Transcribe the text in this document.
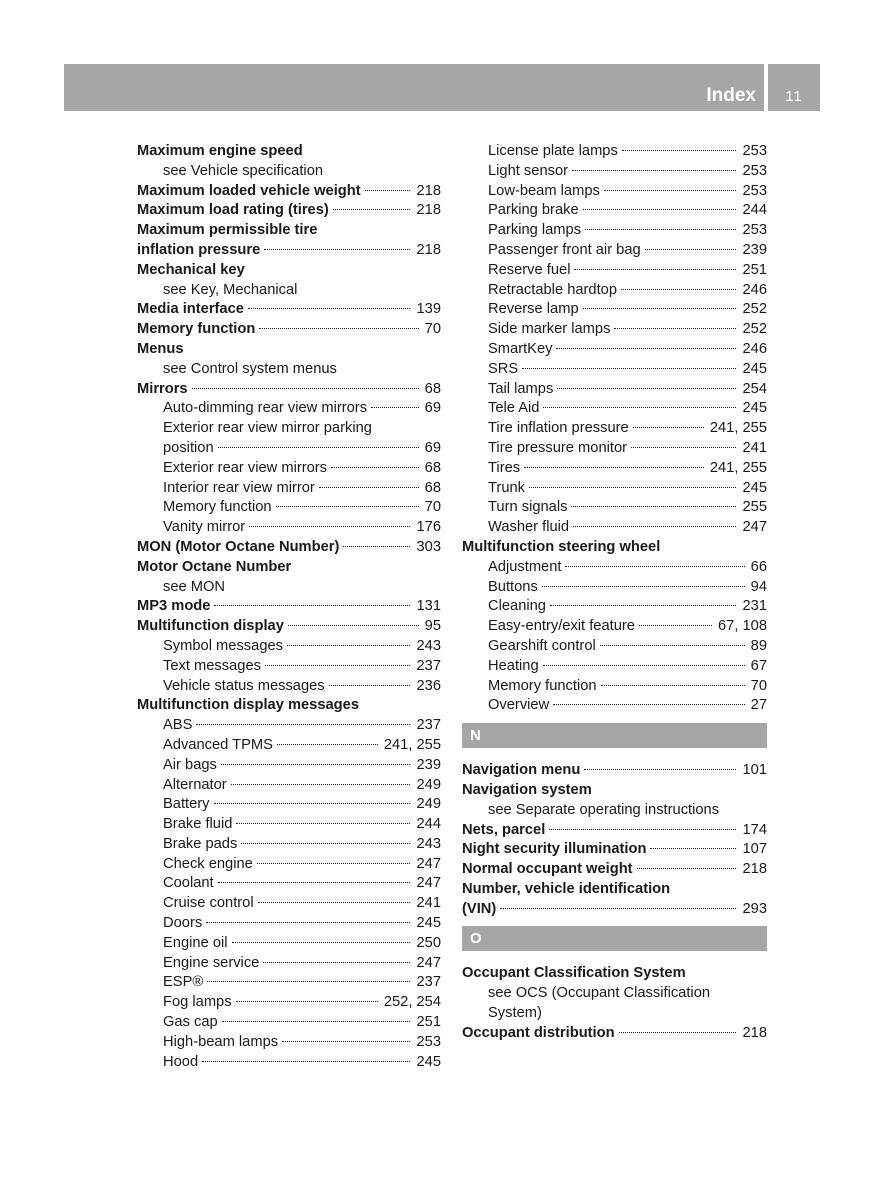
Index	11
Maximum engine speed
see Vehicle specification
Maximum loaded vehicle weight	218
Maximum load rating (tires)	218
Maximum permissible tire
inflation pressure	218
Mechanical key
see Key, Mechanical
Media interface	139
Memory function	70
Menus
see Control system menus
Mirrors	68
Auto-dimming rear view mirrors	69
Exterior rear view mirror parking
position	69
Exterior rear view mirrors	68
Interior rear view mirror	68
Memory function	70
Vanity mirror	176
MON (Motor Octane Number)	303
Motor Octane Number
see MON
MP3 mode	131
Multifunction display	95
Symbol messages	243
Text messages	237
Vehicle status messages	236
Multifunction display messages
ABS	237
Advanced TPMS	241, 255
Air bags	239
Alternator	249
Battery	249
Brake fluid	244
Brake pads	243
Check engine	247
Coolant	247
Cruise control	241
Doors	245
Engine oil	250
Engine service	247
ESP®	237
Fog lamps	252, 254
Gas cap	251
High-beam lamps	253
Hood	245
License plate lamps	253
Light sensor	253
Low-beam lamps	253
Parking brake	244
Parking lamps	253
Passenger front air bag	239
Reserve fuel	251
Retractable hardtop	246
Reverse lamp	252
Side marker lamps	252
SmartKey	246
SRS	245
Tail lamps	254
Tele Aid	245
Tire inflation pressure	241, 255
Tire pressure monitor	241
Tires	241, 255
Trunk	245
Turn signals	255
Washer fluid	247
Multifunction steering wheel
Adjustment	66
Buttons	94
Cleaning	231
Easy-entry/exit feature	67, 108
Gearshift control	89
Heating	67
Memory function	70
Overview	27
N
Navigation menu	101
Navigation system
see Separate operating instructions
Nets, parcel	174
Night security illumination	107
Normal occupant weight	218
Number, vehicle identification
(VIN)	293
O
Occupant Classification System
see OCS (Occupant Classification
System)
Occupant distribution	218
